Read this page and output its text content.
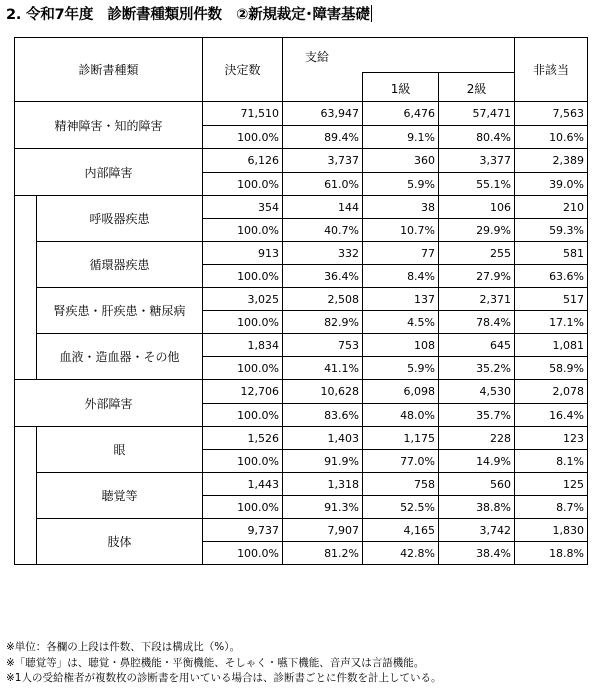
2. 令和7年度　診断書種類別件数　②新規裁定･障害基礎
診断書種類		決定数	支給			非該当
				1級	2級	
精神障害・知的障害		71,510	63,947	6,476	57,471	7,563
		100.0%	89.4%	9.1%	80.4%	10.6%
内部障害		6,126	3,737	360	3,377	2,389
		100.0%	61.0%	5.9%	55.1%	39.0%
	呼吸器疾患	354	144	38	106	210
		100.0%	40.7%	10.7%	29.9%	59.3%
	循環器疾患	913	332	77	255	581
		100.0%	36.4%	8.4%	27.9%	63.6%
	腎疾患・肝疾患・糖尿病	3,025	2,508	137	2,371	517
		100.0%	82.9%	4.5%	78.4%	17.1%
	血液・造血器・その他	1,834	753	108	645	1,081
		100.0%	41.1%	5.9%	35.2%	58.9%
外部障害		12,706	10,628	6,098	4,530	2,078
		100.0%	83.6%	48.0%	35.7%	16.4%
	眼	1,526	1,403	1,175	228	123
		100.0%	91.9%	77.0%	14.9%	8.1%
	聴覚等	1,443	1,318	758	560	125
		100.0%	91.3%	52.5%	38.8%	8.7%
	肢体	9,737	7,907	4,165	3,742	1,830
		100.0%	81.2%	42.8%	38.4%	18.8%
※単位：各欄の上段は件数、下段は構成比（%）。
※「聴覚等」は、聴覚・鼻腔機能・平衡機能、そしゃく・嚥下機能、音声又は言語機能。
※1人の受給権者が複数枚の診断書を用いている場合は、診断書ごとに件数を計上している。
